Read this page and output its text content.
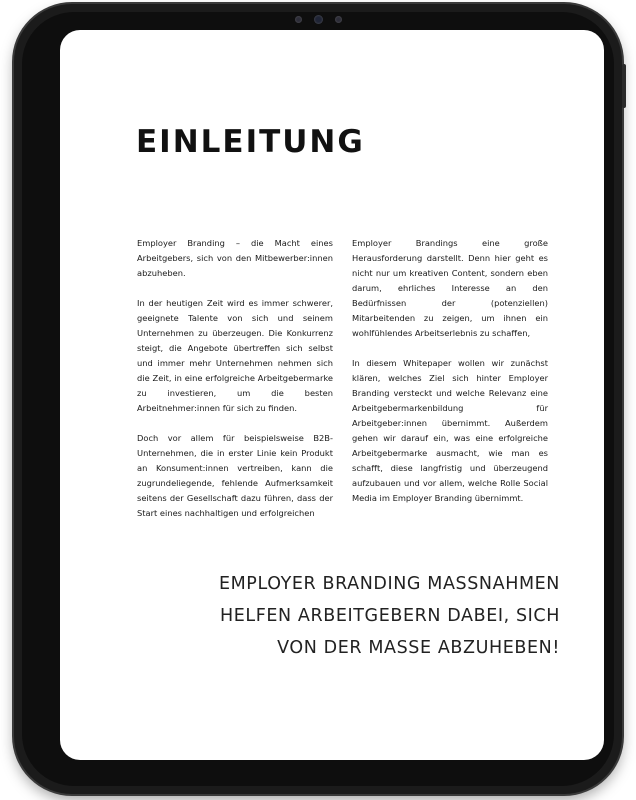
EINLEITUNG

Employer Branding – die Macht eines Arbeitgebers, sich von den Mitbewerber:innen abzuheben.

In der heutigen Zeit wird es immer schwerer, geeignete Talente von sich und seinem Unternehmen zu überzeugen. Die Konkurrenz steigt, die Angebote übertreffen sich selbst und immer mehr Unternehmen nehmen sich die Zeit, in eine erfolgreiche Arbeitgebermarke zu investieren, um die besten Arbeitnehmer:innen für sich zu finden.

Doch vor allem für beispielsweise B2B-Unternehmen, die in erster Linie kein Produkt an Konsument:innen vertreiben, kann die zugrundeliegende, fehlende Aufmerksamkeit seitens der Gesellschaft dazu führen, dass der Start eines nachhaltigen und erfolgreichen

Employer Brandings eine große Herausforderung darstellt. Denn hier geht es nicht nur um kreativen Content, sondern eben darum, ehrliches Interesse an den Bedürfnissen der (potenziellen) Mitarbeitenden zu zeigen, um ihnen ein wohlfühlendes Arbeitserlebnis zu schaffen,

In diesem Whitepaper wollen wir zunächst klären, welches Ziel sich hinter Employer Branding versteckt und welche Relevanz eine Arbeitgebermarkenbildung für Arbeitgeber:innen übernimmt. Außerdem gehen wir darauf ein, was eine erfolgreiche Arbeitgebermarke ausmacht, wie man es schafft, diese langfristig und überzeugend aufzubauen und vor allem, welche Rolle Social Media im Employer Branding übernimmt.

EMPLOYER BRANDING MASSNAHMEN
HELFEN ARBEITGEBERN DABEI, SICH
VON DER MASSE ABZUHEBEN!
